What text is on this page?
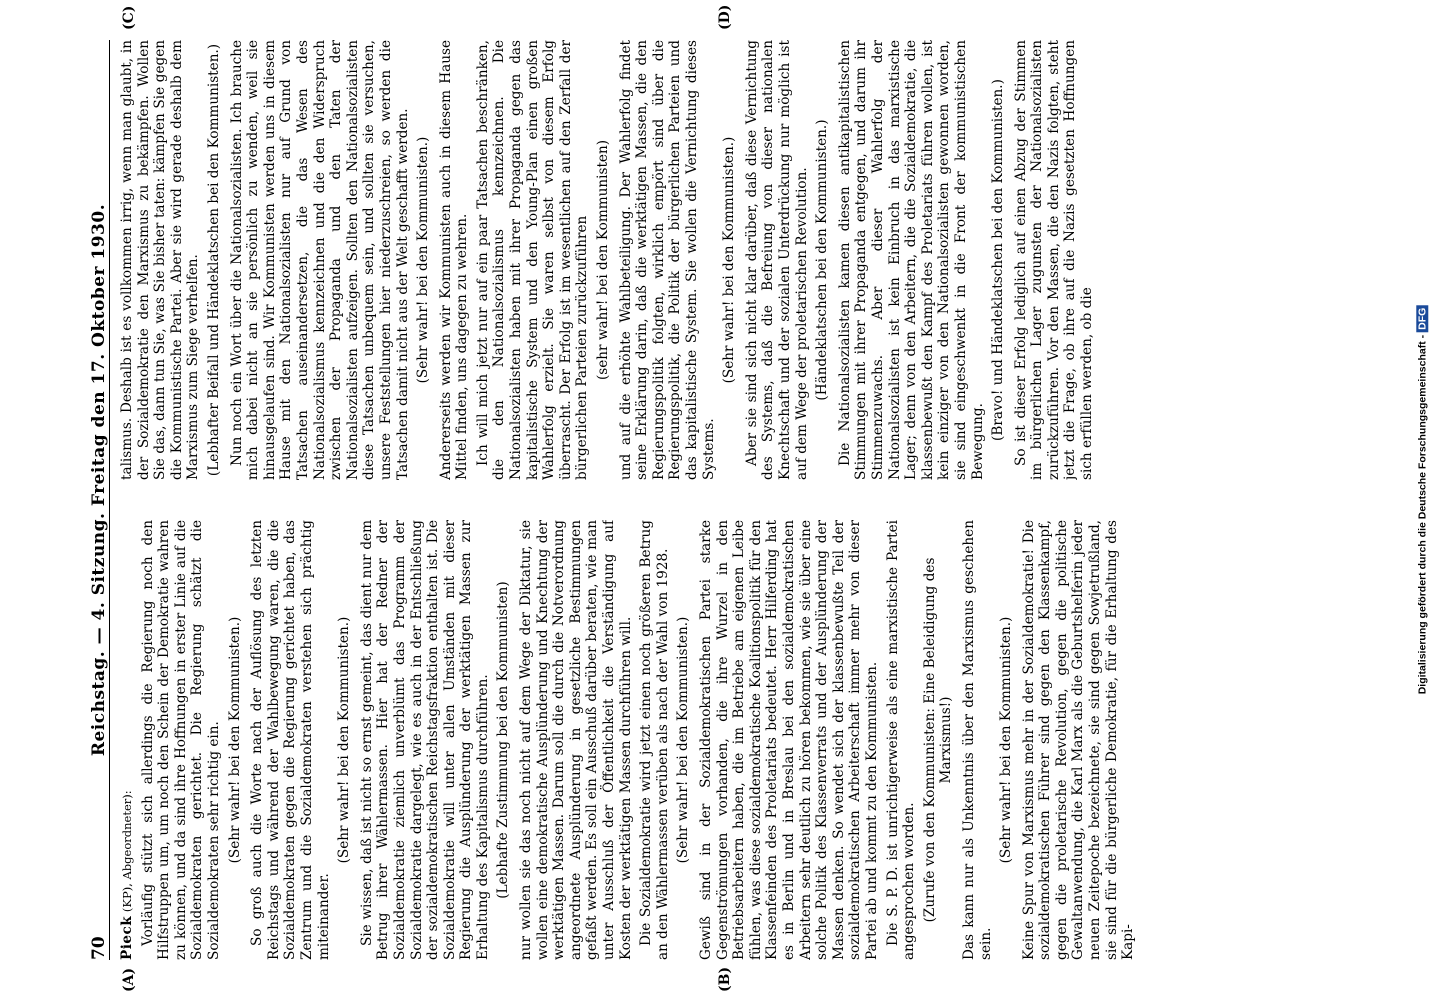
70
Reichstag. — 4. Sitzung. Freitag den 17. Oktober 1930.
(A)	(B)
(C)	(D)

Pieck (KP), Abgeordneter): Vorläufig stützt sich allerdings die Regierung noch den Hilfstruppen um, um noch den Schein der Demokratie wahren zu können, und da sind ihre Hoffnungen in erster Linie auf die Sozialdemokraten gerichtet. Die Regierung schätzt die Sozialdemokraten sehr richtig ein. (Sehr wahr! bei den Kommunisten.) So groß auch die Worte nach der Auflösung des letzten Reichstags und während der Wahlbewegung waren, die die Sozialdemokraten gegen die Regierung gerichtet haben, das Zentrum und die Sozialdemokraten verstehen sich prächtig miteinander.

(Sehr wahr! bei den Kommunisten.) Sie wissen, daß ist nicht so ernst gemeint, das dient nur dem Betrug ihrer Wählermassen. Hier hat der Redner der Sozialdemokratie ziemlich unverblümt das Programm der Sozialdemokratie dargelegt, wie es auch in der Entschließung der sozialdemokratischen Reichstagsfraktion enthalten ist. Die Sozialdemokratie will unter allen Umständen mit dieser Regierung die Ausplünderung der werktätigen Massen zur Erhaltung des Kapitalismus durchführen. (Lebhafte Zustimmung bei den Kommunisten) nur wollen sie das noch nicht auf dem Wege der Diktatur, sie wollen eine demokratische Ausplünderung und Knechtung der werktätigen Massen. Darum soll die durch die Notverordnung angeordnete Ausplünderung in gesetzliche Bestimmungen gefaßt werden. Es soll ein Ausschuß darüber beraten, wie man unter Ausschluß der Öffentlichkeit die Verständigung auf Kosten der werktätigen Massen durchführen will. Die Sozialdemokratie wird jetzt einen noch größeren Betrug an den Wählermassen verüben als nach der Wahl von 1928. (Sehr wahr! bei den Kommunisten.) Gewiß sind in der Sozialdemokratischen Partei starke Gegenströmungen vorhanden, die ihre Wurzel in den Betriebsarbeitern haben, die im Betriebe am eigenen Leibe fühlen, was diese sozialdemokratische Koalitionspolitik für den Klassenfeinden des Proletariats bedeutet. Herr Hilferding hat es in Berlin und in Breslau bei den sozialdemokratischen Arbeitern sehr deutlich zu hören bekommen, wie sie über eine solche Politik des Klassenverrats und der Ausplünderung der Massen denken. So wendet sich der klassenbewußte Teil der sozialdemokratischen Arbeiterschaft immer mehr von dieser Partei ab und kommt zu den Kommunisten. Die S. P. D. ist unrichtigerweise als eine marxistische Partei angesprochen worden. (Zurufe von den Kommunisten: Eine Beleidigung des Marxismus!) Das kann nur als Unkenntnis über den Marxismus geschehen sein.

(Sehr wahr! bei den Kommunisten.) Keine Spur von Marxismus mehr in der Sozialdemokratie! Die sozialdemokratischen Führer sind gegen den Klassenkampf, gegen die proletarische Revolution, gegen die politische Gewaltanwendung, die Karl Marx als die Geburtshelferin jeder neuen Zeitepoche bezeichnete, sie sind gegen Sowjetrußland, sie sind für die bürgerliche Demokratie, für die Erhaltung des Kapi-

talismus. Deshalb ist es vollkommen irrig, wenn man glaubt, in der Sozialdemokratie den Marxismus zu bekämpfen. Wollen Sie das, dann tun Sie, was Sie bisher taten: kämpfen Sie gegen die Kommunistische Partei. Aber sie wird gerade deshalb dem Marxismus zum Siege verhelfen. (Lebhafter Beifall und Händeklatschen bei den Kommunisten.) Nun noch ein Wort über die Nationalsozialisten. Ich brauche mich dabei nicht an sie persönlich zu wenden, weil sie hinausgelaufen sind. Wir Kommunisten werden uns in diesem Hause mit den Nationalsozialisten nur auf Grund von Tatsachen auseinandersetzen, die das Wesen des Nationalsozialismus kennzeichnen und die den Widerspruch zwischen der Propaganda und den Taten der Nationalsozialisten aufzeigen. Sollten den Nationalsozialisten diese Tatsachen unbequem sein, und sollten sie versuchen, unsere Feststellungen hier niederzuschreien, so werden die Tatsachen damit nicht aus der Welt geschafft werden. (Sehr wahr! bei den Kommunisten.) Andererseits werden wir Kommunisten auch in diesem Hause Mittel finden, uns dagegen zu wehren. Ich will mich jetzt nur auf ein paar Tatsachen beschränken, die den Nationalsozialismus kennzeichnen. Die Nationalsozialisten haben mit ihrer Propaganda gegen das kapitalistische System und den Young-Plan einen großen Wahlerfolg erzielt. Sie waren selbst von diesem Erfolg überrascht. Der Erfolg ist im wesentlichen auf den Zerfall der bürgerlichen Parteien zurückzuführen (sehr wahr! bei den Kommunisten) und auf die erhöhte Wahlbeteiligung. Der Wahlerfolg findet seine Erklärung darin, daß die werktätigen Massen, die den Regierungspolitik folgten, wirklich empört sind über die Regierungspolitik, die Politik der bürgerlichen Parteien und das kapitalistische System. Sie wollen die Vernichtung dieses Systems.

(Sehr wahr! bei den Kommunisten.) Aber sie sind sich nicht klar darüber, daß diese Vernichtung des Systems, daß die Befreiung von dieser nationalen Knechtschaft und der sozialen Unterdrückung nur möglich ist auf dem Wege der proletarischen Revolution. (Händeklatschen bei den Kommunisten.) Die Nationalsozialisten kamen diesen antikapitalistischen Stimmungen mit ihrer Propaganda entgegen, und darum ihr Stimmenzuwachs. Aber dieser Wahlerfolg der Nationalsozialisten ist kein Einbruch in das marxistische Lager; denn von den Arbeitern, die die Sozialdemokratie, die klassenbewußt den Kampf des Proletariats führen wollen, ist kein einziger von den Nationalsozialisten gewonnen worden, sie sind eingeschwenkt in die Front der kommunistischen Bewegung.

(Bravo! und Händeklatschen bei den Kommunisten.) So ist dieser Erfolg lediglich auf einen Abzug der Stimmen im bürgerlichen Lager zugunsten der Nationalsozialisten zurückzuführen. Vor den Massen, die den Nazis folgten, steht jetzt die Frage, ob ihre auf die Nazis gesetzten Hoffnungen sich erfüllen werden, ob die	Digitalisierung gefördert durch die Deutsche Forschungsgemeinschaft -DFG
